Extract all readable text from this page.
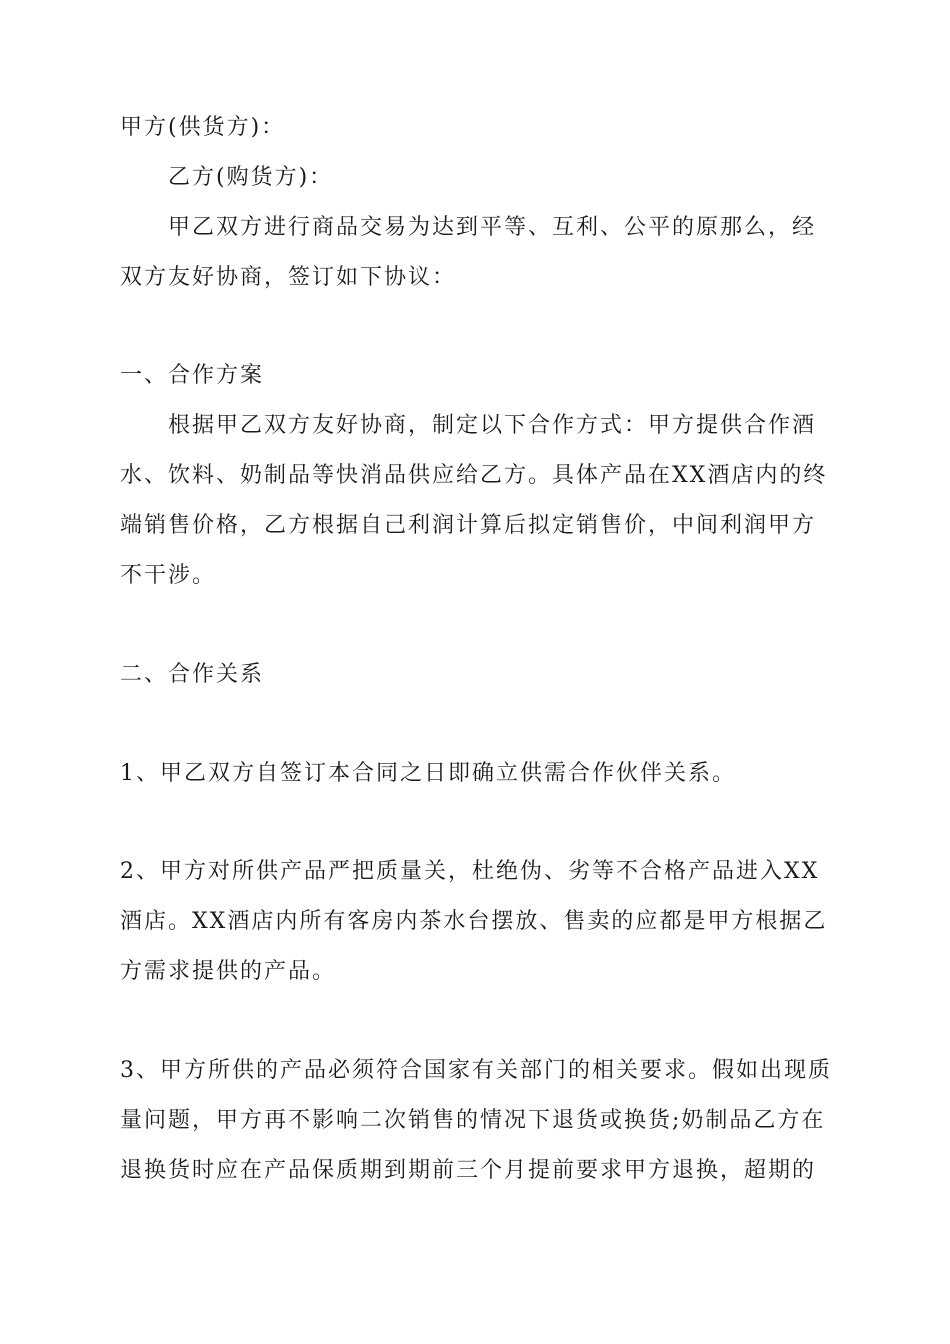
甲方(供货方)：

乙方(购货方)：

甲乙双方进行商品交易为达到平等、互利、公平的原那么，经
双方友好协商，签订如下协议：

一、合作方案

根据甲乙双方友好协商，制定以下合作方式：甲方提供合作酒
水、饮料、奶制品等快消品供应给乙方。具体产品在XX酒店内的终
端销售价格，乙方根据自己利润计算后拟定销售价，中间利润甲方
不干涉。

二、合作关系

1、甲乙双方自签订本合同之日即确立供需合作伙伴关系。

2、甲方对所供产品严把质量关，杜绝伪、劣等不合格产品进入XX
酒店。XX酒店内所有客房内茶水台摆放、售卖的应都是甲方根据乙
方需求提供的产品。

3、甲方所供的产品必须符合国家有关部门的相关要求。假如出现质
量问题，甲方再不影响二次销售的情况下退货或换货;奶制品乙方在
退换货时应在产品保质期到期前三个月提前要求甲方退换，超期的
